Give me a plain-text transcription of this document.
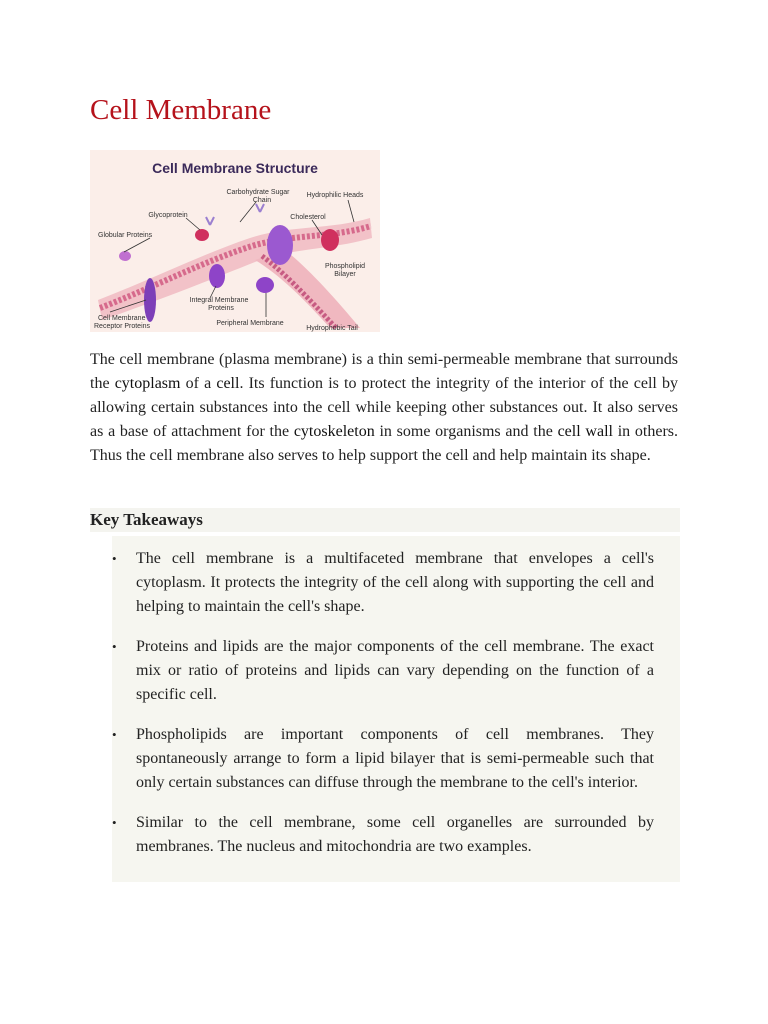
Cell Membrane
Cell Membrane Structure
Carbohydrate Sugar
Chain
Hydrophilic Heads
Glycoprotein	Cholesterol
Globular Proteins
Phospholipid
Bilayer
Integral Membrane
Proteins
Cell Membrane
Receptor Proteins	Peripheral Membrane
Hydrophobic Tail

The cell membrane (plasma membrane) is a thin semi-permeable membrane that surrounds the cytoplasm of a cell. Its function is to protect the integrity of the interior of the cell by allowing certain substances into the cell while keeping other substances out. It also serves as a base of attachment for the cytoskeleton in some organisms and the cell wall in others. Thus the cell membrane also serves to help support the cell and help maintain its shape.

Key Takeaways
•	The cell membrane is a multifaceted membrane that envelopes a cell's cytoplasm. It protects the integrity of the cell along with supporting the cell and helping to maintain the cell's shape.
•	Proteins and lipids are the major components of the cell membrane. The exact mix or ratio of proteins and lipids can vary depending on the function of a specific cell.
•	Phospholipids are important components of cell membranes. They spontaneously arrange to form a lipid bilayer that is semi-permeable such that only certain substances can diffuse through the membrane to the cell's interior.
•	Similar to the cell membrane, some cell organelles are surrounded by membranes. The nucleus and mitochondria are two examples.
